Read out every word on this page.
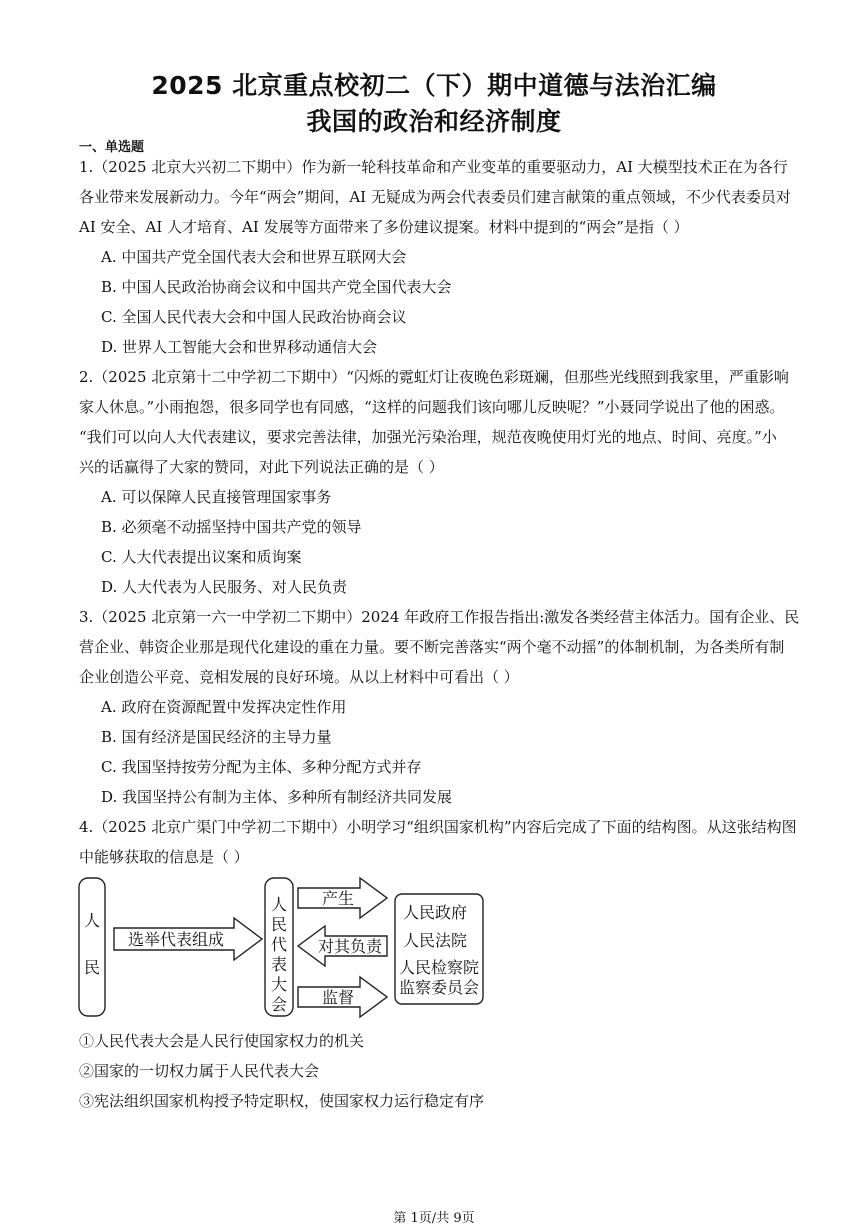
2025 北京重点校初二（下）期中道德与法治汇编
我国的政治和经济制度
一、单选题
1.（2025 北京大兴初二下期中）作为新一轮科技革命和产业变革的重要驱动力，AI 大模型技术正在为各行
各业带来发展新动力。今年“两会”期间，AI 无疑成为两会代表委员们建言献策的重点领域，不少代表委员对
AI 安全、AI 人才培育、AI 发展等方面带来了多份建议提案。材料中提到的“两会”是指（ ）
A. 中国共产党全国代表大会和世界互联网大会
B. 中国人民政治协商会议和中国共产党全国代表大会
C. 全国人民代表大会和中国人民政治协商会议
D. 世界人工智能大会和世界移动通信大会
2.（2025 北京第十二中学初二下期中）“闪烁的霓虹灯让夜晚色彩斑斓，但那些光线照到我家里，严重影响
家人休息。”小雨抱怨，很多同学也有同感，“这样的问题我们该向哪儿反映呢？”小聂同学说出了他的困惑。
“我们可以向人大代表建议，要求完善法律，加强光污染治理，规范夜晚使用灯光的地点、时间、亮度。”小
兴的话赢得了大家的赞同，对此下列说法正确的是（ ）
A. 可以保障人民直接管理国家事务
B. 必须毫不动摇坚持中国共产党的领导
C. 人大代表提出议案和质询案
D. 人大代表为人民服务、对人民负责
3.（2025 北京第一六一中学初二下期中）2024 年政府工作报告指出:激发各类经营主体活力。国有企业、民
营企业、韩资企业那是现代化建设的重在力量。要不断完善落实“两个毫不动摇”的体制机制，为各类所有制
企业创造公平竞、竞相发展的良好环境。从以上材料中可看出（ ）
A. 政府在资源配置中发挥决定性作用
B. 国有经济是国民经济的主导力量
C. 我国坚持按劳分配为主体、多种分配方式并存
D. 我国坚持公有制为主体、多种所有制经济共同发展
4.（2025 北京广渠门中学初二下期中）小明学习“组织国家机构”内容后完成了下面的结构图。从这张结构图
中能够获取的信息是（ ）
人
民
选举代表组成
人
民
代
表
大
会
产生
对其负责
监督
人民政府
人民法院
人民检察院
监察委员会
①人民代表大会是人民行使国家权力的机关
②国家的一切权力属于人民代表大会
③宪法组织国家机构授予特定职权，使国家权力运行稳定有序
第 1页/共 9页
